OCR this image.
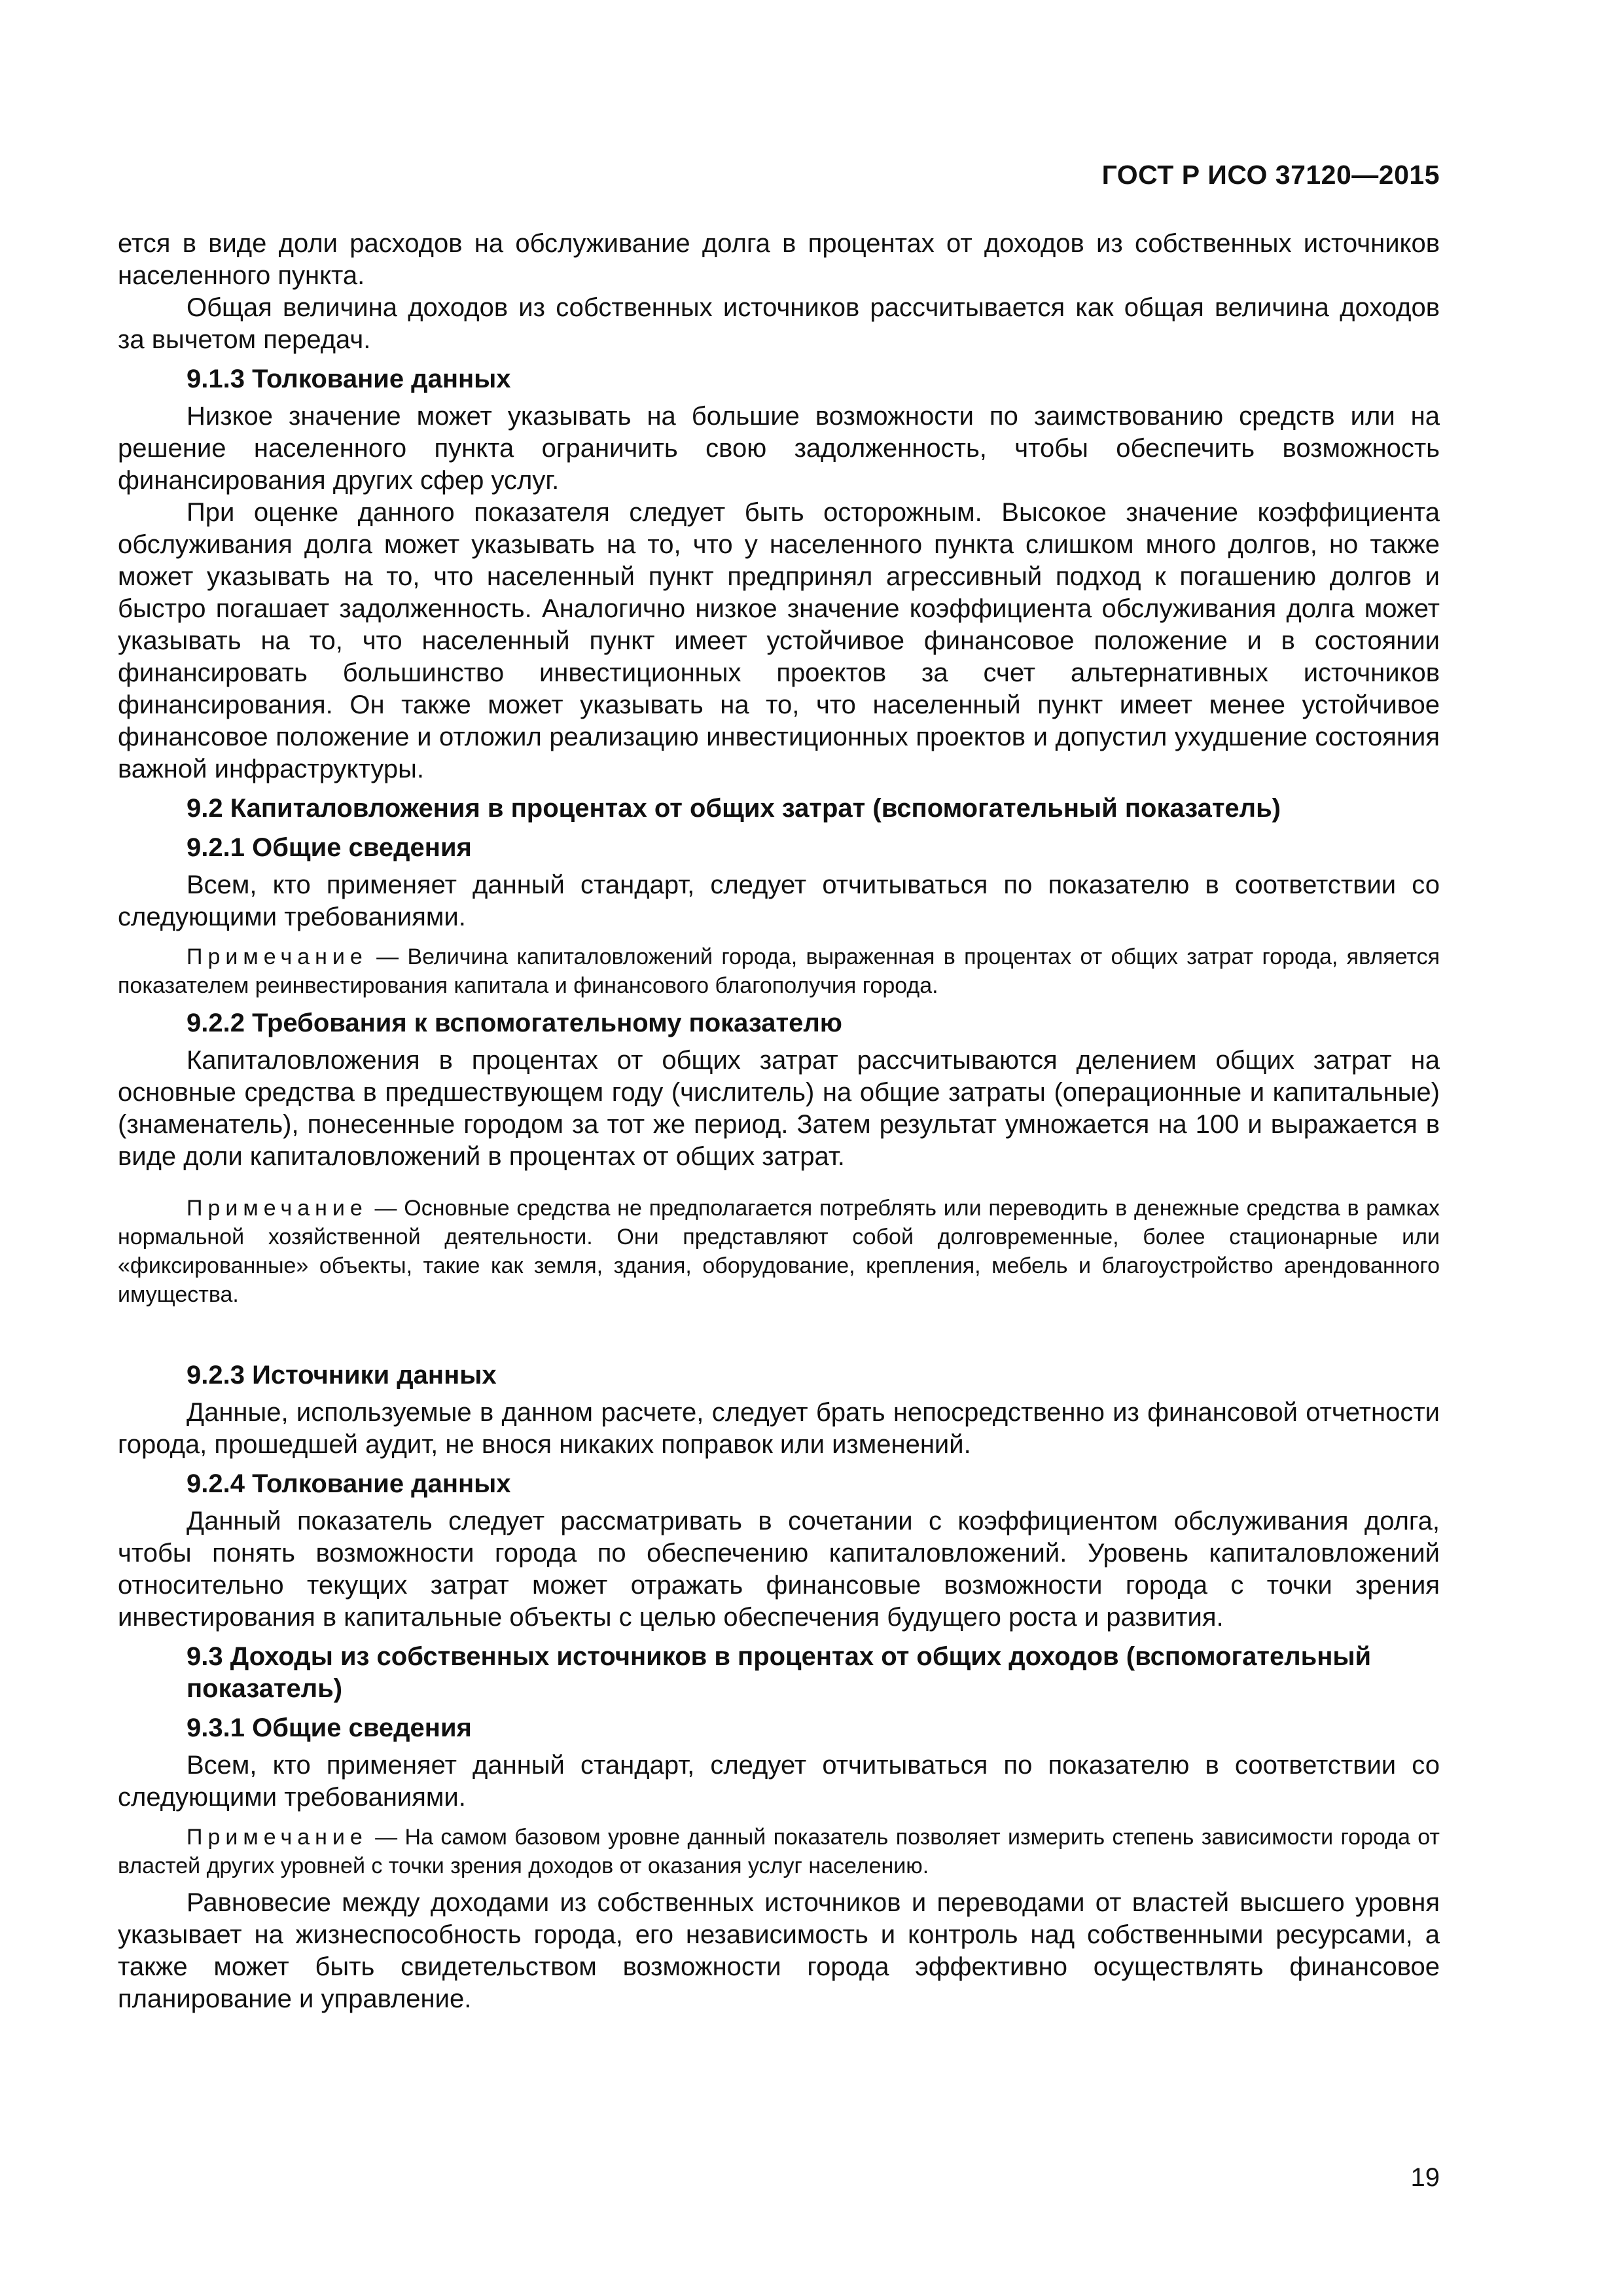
ГОСТ Р ИСО 37120—2015

ется в виде доли расходов на обслуживание долга в процентах от доходов из собственных источников населенного пункта.

Общая величина доходов из собственных источников рассчитывается как общая величина доходов за вычетом передач.

9.1.3 Толкование данных

Низкое значение может указывать на большие возможности по заимствованию средств или на решение населенного пункта ограничить свою задолженность, чтобы обеспечить возможность финансирования других сфер услуг.

При оценке данного показателя следует быть осторожным. Высокое значение коэффициента обслуживания долга может указывать на то, что у населенного пункта слишком много долгов, но также может указывать на то, что населенный пункт предпринял агрессивный подход к погашению долгов и быстро погашает задолженность. Аналогично низкое значение коэффициента обслуживания долга может указывать на то, что населенный пункт имеет устойчивое финансовое положение и в состоянии финансировать большинство инвестиционных проектов за счет альтернативных источников финансирования. Он также может указывать на то, что населенный пункт имеет менее устойчивое финансовое положение и отложил реализацию инвестиционных проектов и допустил ухудшение состояния важной инфраструктуры.

9.2 Капиталовложения в процентах от общих затрат (вспомогательный показатель)
9.2.1 Общие сведения

Всем, кто применяет данный стандарт, следует отчитываться по показателю в соответствии со следующими требованиями.

Примечание — Величина капиталовложений города, выраженная в процентах от общих затрат города, является показателем реинвестирования капитала и финансового благополучия города.
9.2.2 Требования к вспомогательному показателю

Капиталовложения в процентах от общих затрат рассчитываются делением общих затрат на основные средства в предшествующем году (числитель) на общие затраты (операционные и капитальные) (знаменатель), понесенные городом за тот же период. Затем результат умножается на 100 и выражается в виде доли капиталовложений в процентах от общих затрат.

Примечание — Основные средства не предполагается потреблять или переводить в денежные средства в рамках нормальной хозяйственной деятельности. Они представляют собой долговременные, более стационарные или «фиксированные» объекты, такие как земля, здания, оборудование, крепления, мебель и благоустройство арендованного имущества.
9.2.3 Источники данных

Данные, используемые в данном расчете, следует брать непосредственно из финансовой отчетности города, прошедшей аудит, не внося никаких поправок или изменений.

9.2.4 Толкование данных

Данный показатель следует рассматривать в сочетании с коэффициентом обслуживания долга, чтобы понять возможности города по обеспечению капиталовложений. Уровень капиталовложений относительно текущих затрат может отражать финансовые возможности города с точки зрения инвестирования в капитальные объекты с целью обеспечения будущего роста и развития.

9.3 Доходы из собственных источников в процентах от общих доходов (вспомогательный показатель)
9.3.1 Общие сведения

Всем, кто применяет данный стандарт, следует отчитываться по показателю в соответствии со следующими требованиями.

Примечание — На самом базовом уровне данный показатель позволяет измерить степень зависимости города от властей других уровней с точки зрения доходов от оказания услуг населению.

Равновесие между доходами из собственных источников и переводами от властей высшего уровня указывает на жизнеспособность города, его независимость и контроль над собственными ресурсами, а также может быть свидетельством возможности города эффективно осуществлять финансовое планирование и управление.

19
